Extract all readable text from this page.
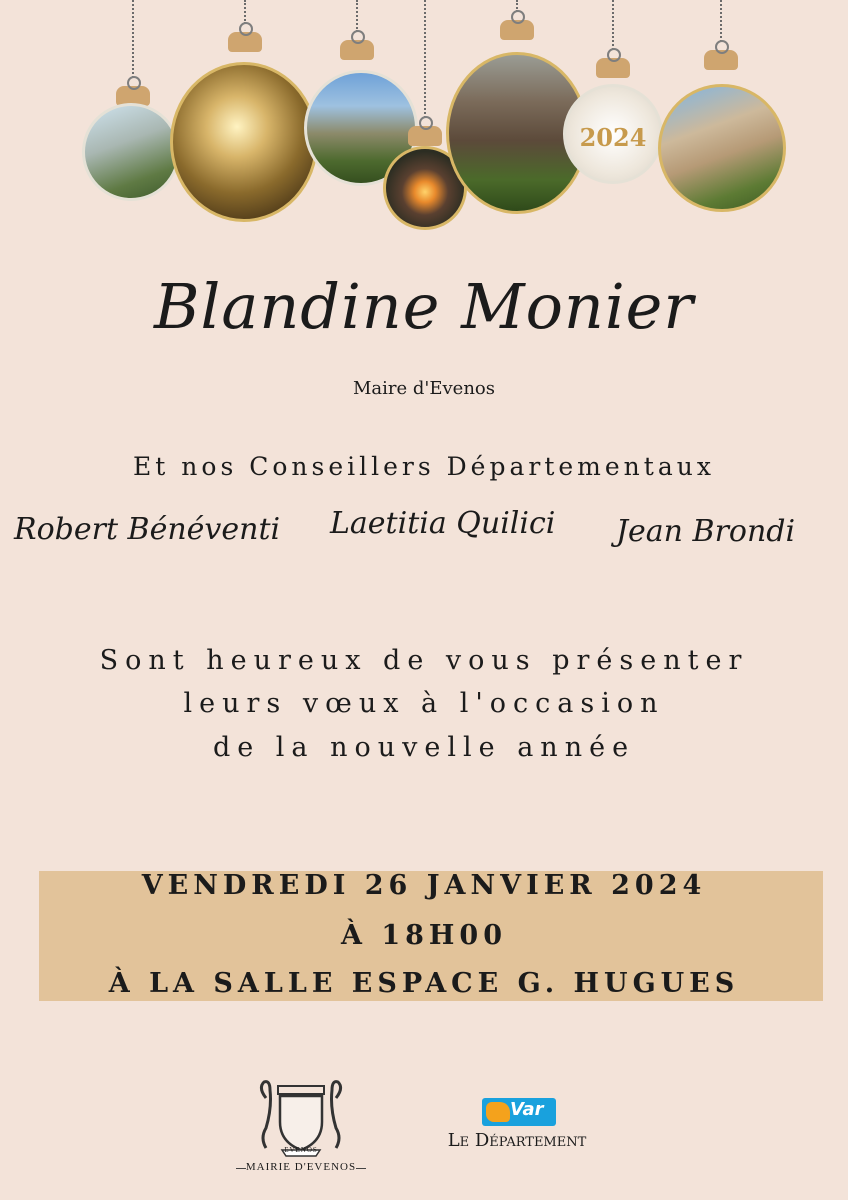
2024
Blandine Monier
Maire d'Evenos
Et nos Conseillers Départementaux
Robert Bénéventi Laetitia Quilici Jean Brondi
Sont heureux de vous présenter
leurs vœux à l'occasion
de la nouvelle année
VENDREDI 26 JANVIER 2024
À 18H00
À LA SALLE ESPACE G. HUGUES
EVENOS
MAIRIE D'EVENOS
Var
Le Département
